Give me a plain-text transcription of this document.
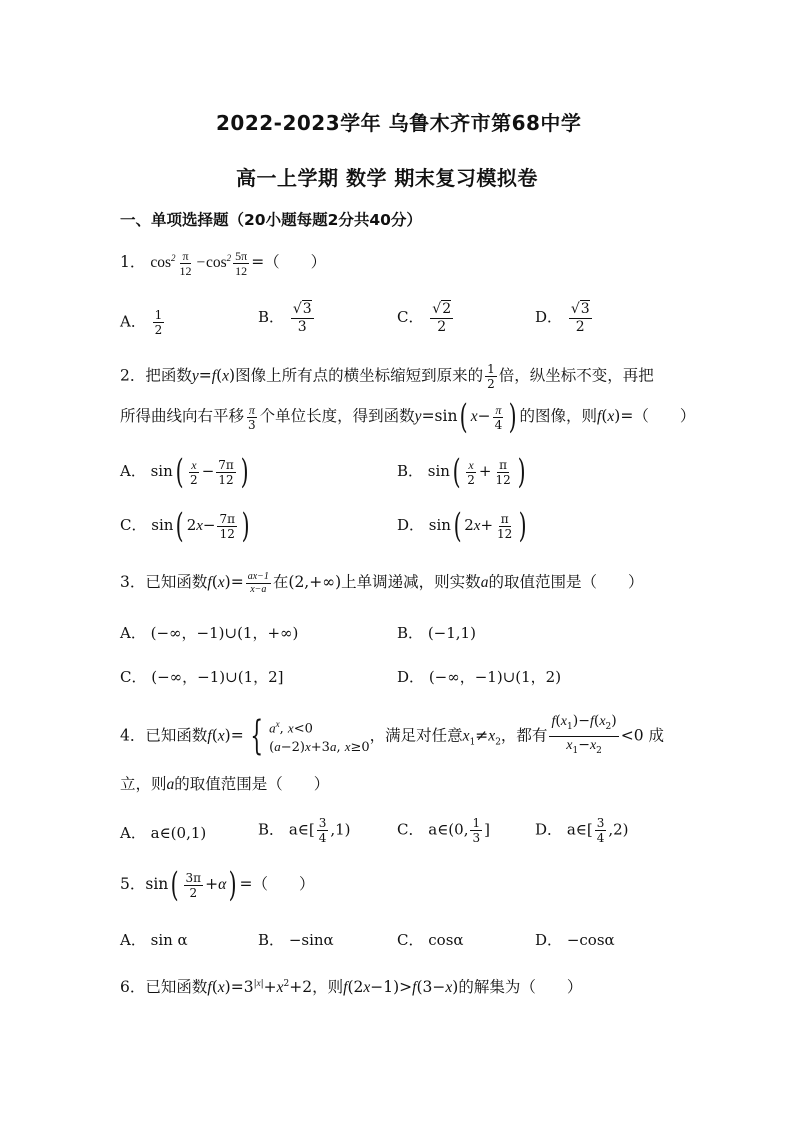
2022-2023学年 乌鲁木齐市第68中学
高一上学期 数学 期末复习模拟卷
一、单项选择题（20小题每题2分共40分）
1． $\cos^2 \frac{\pi}{12} -\cos^2 \frac{5\pi}{12}$ =（　　）
A． $\frac{1}{2}$	B． $\frac{√3}{3}$	C． $\frac{√2}{2}$	D． $\frac{√3}{2}$
2．把函数y=f(x)图像上所有点的横坐标缩短到原来的 $\frac{1}{2}$ 倍，纵坐标不变，再把
所得曲线向右平移 $\frac{\pi}{3}$ 个单位长度，得到函数y=sin( $x- \frac{\pi}{4}$ ) 的图像，则f(x)=（　　）
A． $\sin( \frac{x}{2} - \frac{7\pi}{12}$ )	B． $\sin( \frac{x}{2} + \frac{\pi}{12}$ )
C． sin( $2x- \frac{7\pi}{12}$ )	D． sin( $2x+ \frac{\pi}{12}$ )
3．已知函数$f(x)= \frac{ax-1}{x-a}$ 在(2,+∞)上单调递减，则实数a的取值范围是（　　）
A． (−∞，−1)∪(1，+∞)	B． (−1,1)
C． (−∞，−1)∪(1，2]	D． (−∞，−1)∪(1，2)
4．已知函数f(x)= { $a^x$, x<0
(a−2)x+3a, x≥0
，满足对任意$x_1\ne x_2$，都有 $\frac{f(x_1)-f(x_2)}{x_1-x_2} <0$ 成
立，则a的取值范围是（　　）
A． a∈(0,1)	B． a∈[ $\frac{3}{4} ,1$)	C． a∈(0, $\frac{1}{3}$ ]	D． a∈[ $\frac{3}{4} ,2$)
5．$\sin( \frac{3\pi}{2} +\alpha)$ =（　　）
A． sin α	B． −sinα	C． cosα	D． −cosα
6．已知函数$f(x)=3^{|x|}+x^2+2$，则f(2x−1)>f(3−x)的解集为（　　）
